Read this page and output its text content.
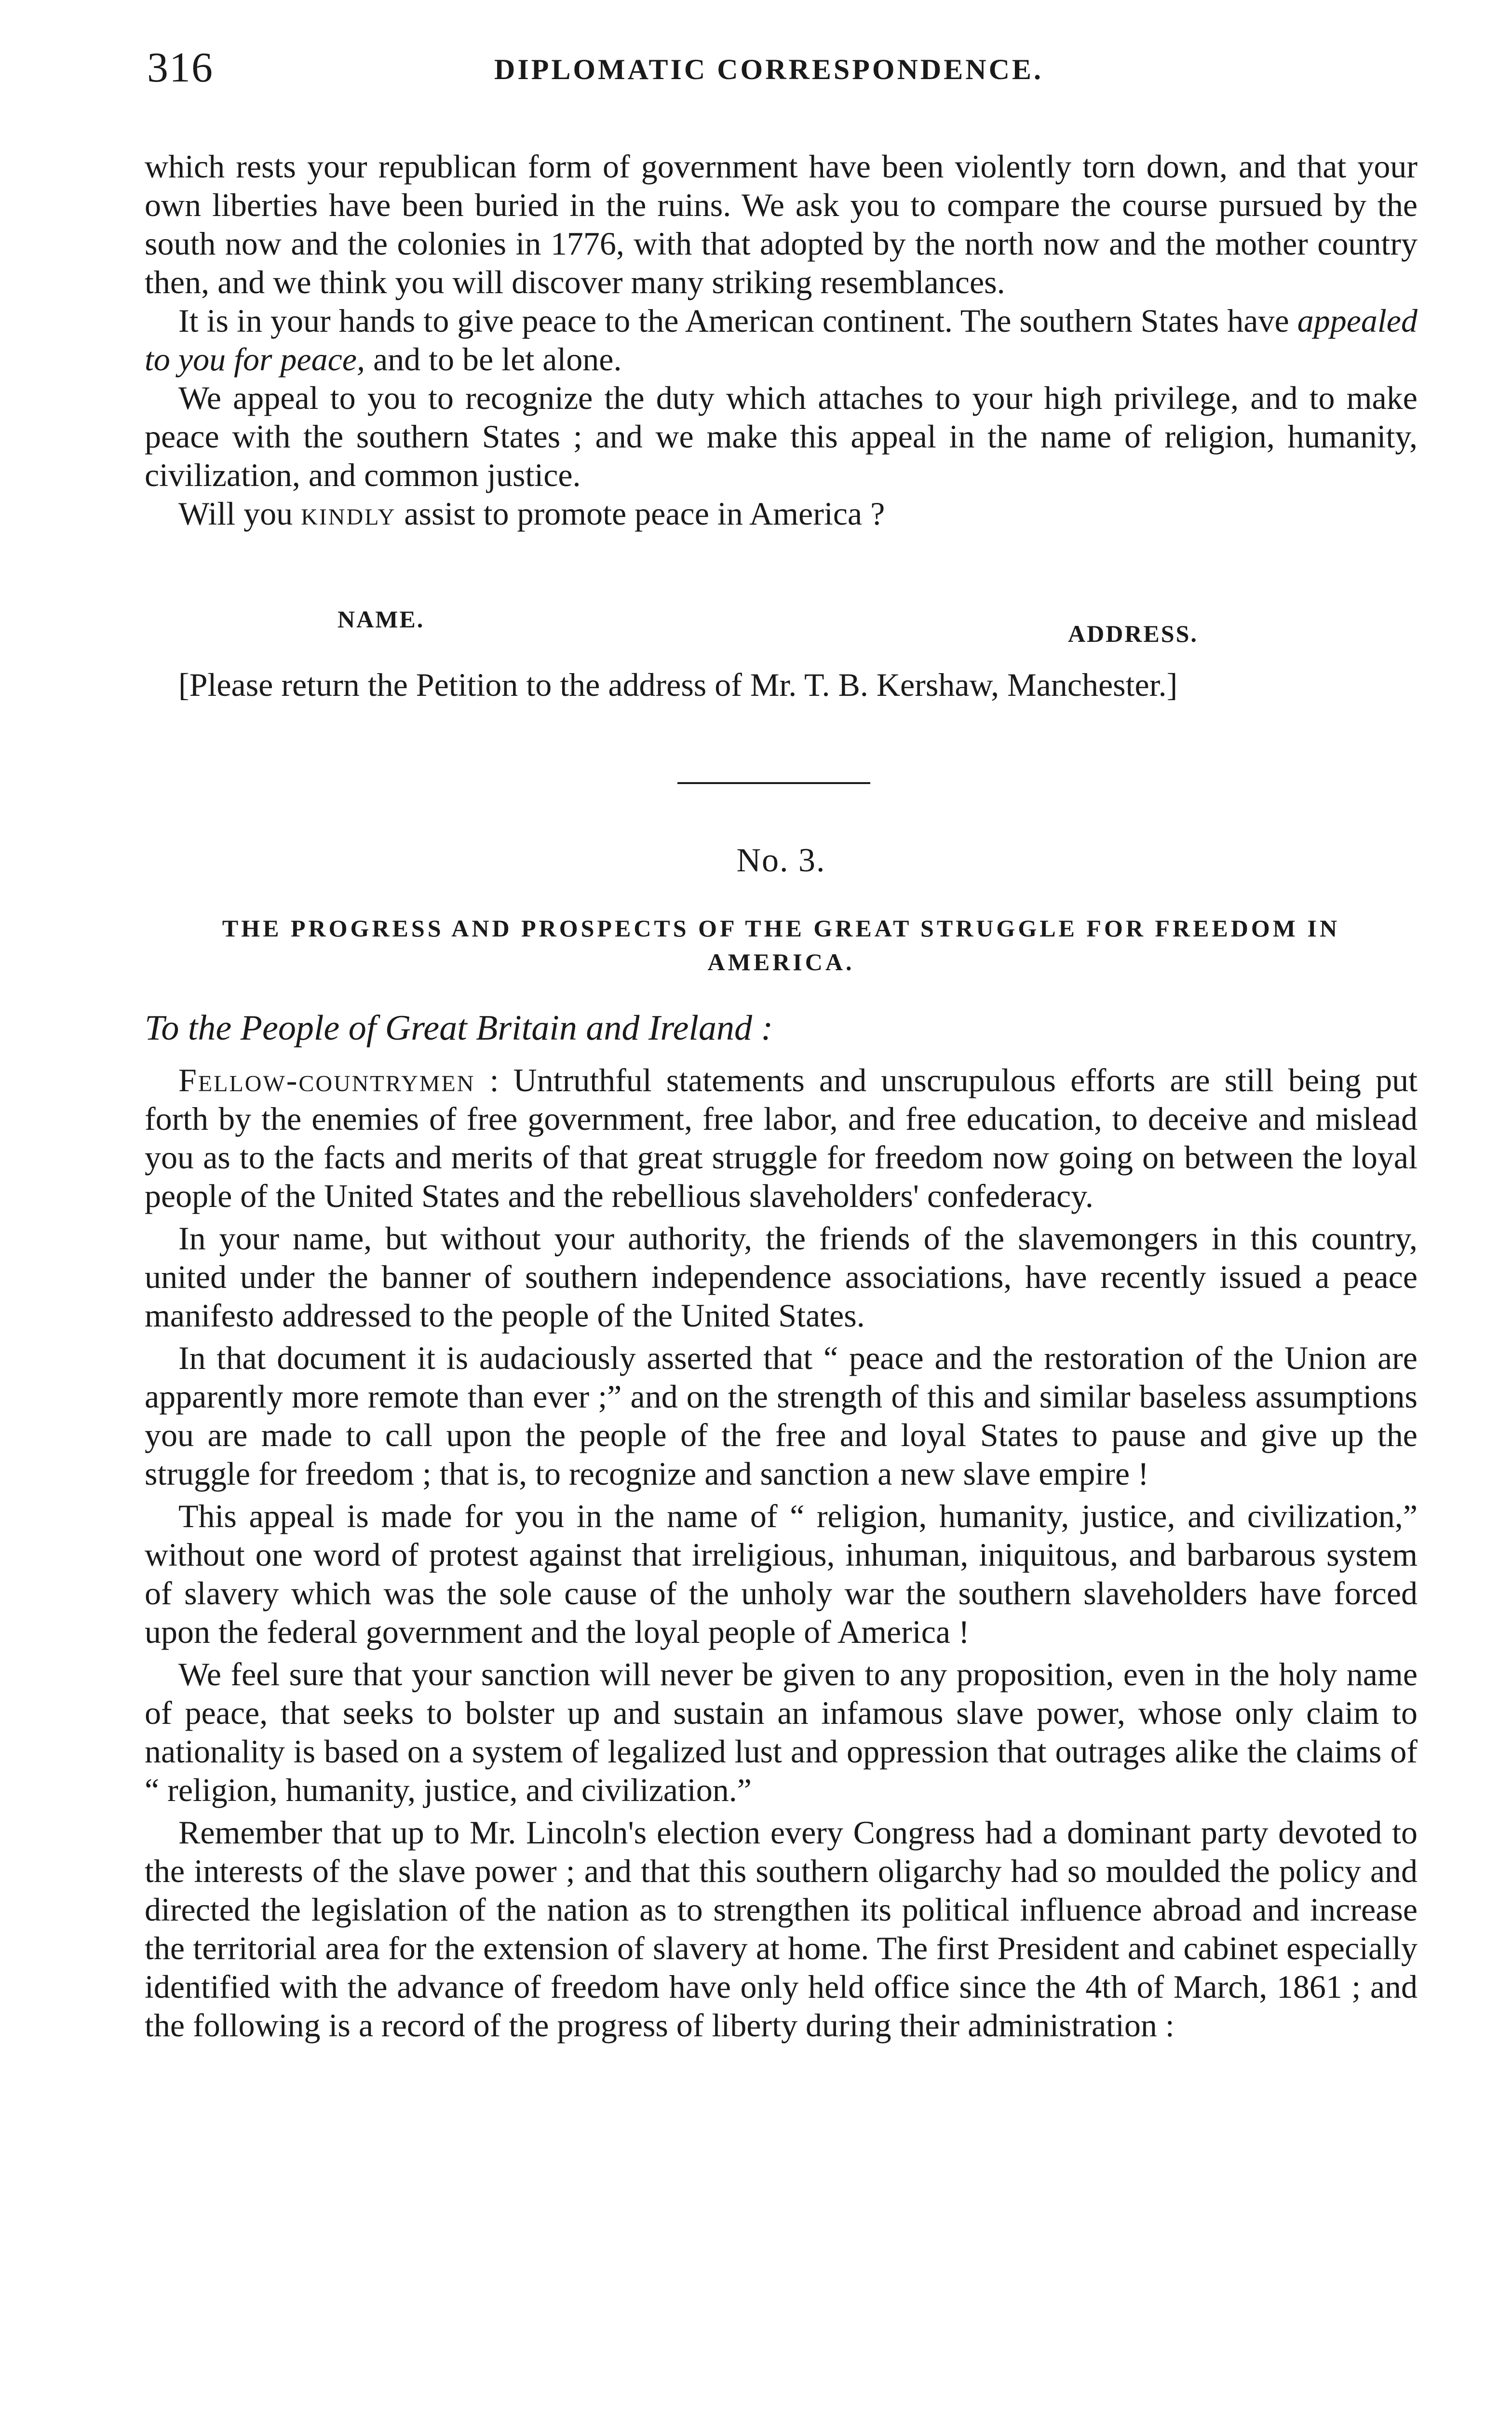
316	DIPLOMATIC CORRESPONDENCE.

which rests your republican form of government have been violently torn down, and that your own liberties have been buried in the ruins. We ask you to compare the course pursued by the south now and the colonies in 1776, with that adopted by the north now and the mother country then, and we think you will discover many striking resemblances.

It is in your hands to give peace to the American continent. The southern States have appealed to you for peace, and to be let alone.

We appeal to you to recognize the duty which attaches to your high privilege, and to make peace with the southern States ; and we make this appeal in the name of religion, humanity, civilization, and common justice.

Will you kindly assist to promote peace in America ?

NAME.
ADDRESS.

[Please return the Petition to the address of Mr. T. B. Kershaw, Manchester.]

No. 3.
THE PROGRESS AND PROSPECTS OF THE GREAT STRUGGLE FOR FREEDOM IN
AMERICA.
To the People of Great Britain and Ireland :

Fellow-countrymen : Untruthful statements and unscrupulous efforts are still being put forth by the enemies of free government, free labor, and free education, to deceive and mislead you as to the facts and merits of that great struggle for freedom now going on between the loyal people of the United States and the rebellious slaveholders' confederacy.

In your name, but without your authority, the friends of the slavemongers in this country, united under the banner of southern independence associations, have recently issued a peace manifesto addressed to the people of the United States.

In that document it is audaciously asserted that “ peace and the restoration of the Union are apparently more remote than ever ;” and on the strength of this and similar baseless assumptions you are made to call upon the people of the free and loyal States to pause and give up the struggle for freedom ; that is, to recognize and sanction a new slave empire !

This appeal is made for you in the name of “ religion, humanity, justice, and civilization,” without one word of protest against that irreligious, inhuman, iniquitous, and barbarous system of slavery which was the sole cause of the unholy war the southern slaveholders have forced upon the federal government and the loyal people of America !

We feel sure that your sanction will never be given to any proposition, even in the holy name of peace, that seeks to bolster up and sustain an infamous slave power, whose only claim to nationality is based on a system of legalized lust and oppression that outrages alike the claims of “ religion, humanity, justice, and civilization.”

Remember that up to Mr. Lincoln's election every Congress had a dominant party devoted to the interests of the slave power ; and that this southern oligarchy had so moulded the policy and directed the legislation of the nation as to strengthen its political influence abroad and increase the territorial area for the extension of slavery at home. The first President and cabinet especially identified with the advance of freedom have only held office since the 4th of March, 1861 ; and the following is a record of the progress of liberty during their administration :
